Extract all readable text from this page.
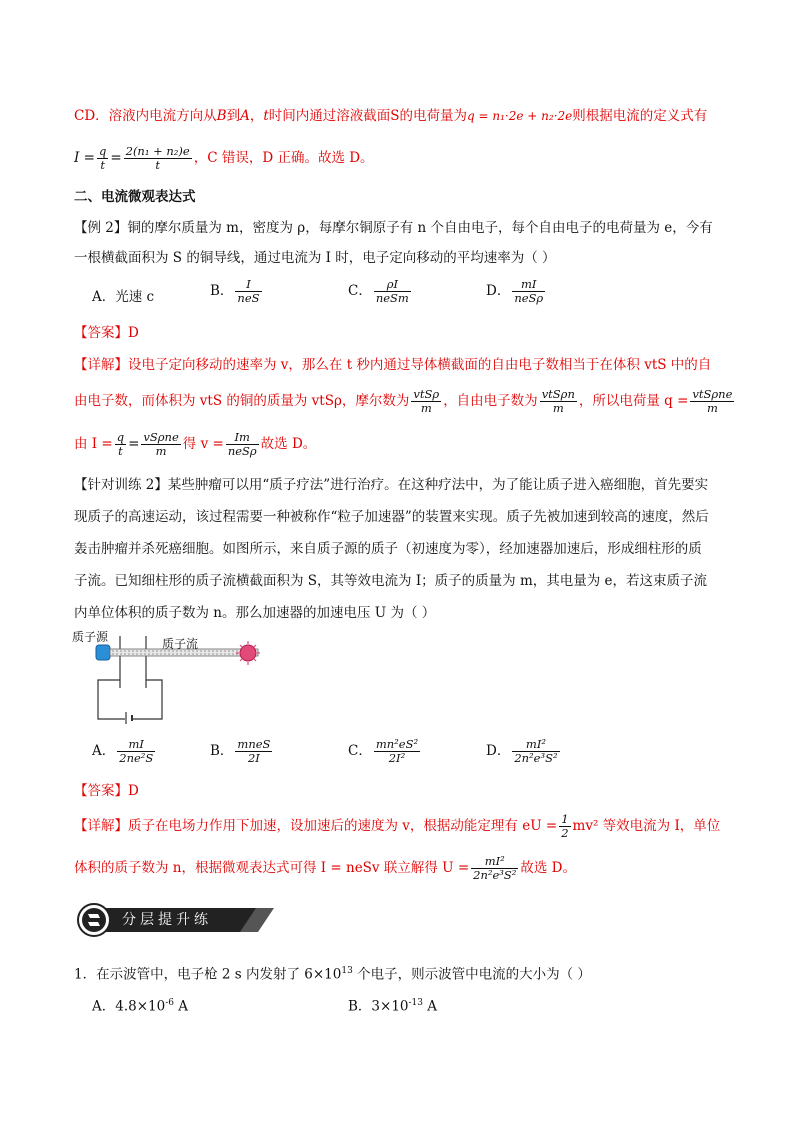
CD．溶液内电流方向从B到A，t时间内通过溶液截面S的电荷量为q = n₁·2e + n₂·2e则根据电流的定义式有
$I = \frac{q}{t} = \frac{\text{2(n₁ + n₂)e}}{t}$ ，C 错误，D 正确。故选 D。
二、电流微观表达式
【例 2】铜的摩尔质量为 m，密度为 ρ，每摩尔铜原子有 n 个自由电子，每个自由电子的电荷量为 e，今有
一根横截面积为 S 的铜导线，通过电流为 I 时，电子定向移动的平均速率为（ ）
A．光速 c	B． $\frac{I}{\text{neS}}$	C． $\frac{\rho I}{\text{neSm}}$	D． $\frac{mI}{\text{neSρ}}$
【答案】D
【详解】设电子定向移动的速率为 v，那么在 t 秒内通过导体横截面的自由电子数相当于在体积 vtS 中的自
由电子数，而体积为 vtS 的铜的质量为 vtSρ，摩尔数为 $\frac{\text{vtSρ}}{m}$ ，自由电子数为 $\frac{\text{vtSρn}}{m}$ ，所以电荷量 $q = \frac{\text{vtSρne}}{m}$
由 $I = \frac{q}{t} = \frac{\text{vSρne}}{m}$ 得 $v = \frac{Im}{\text{neSρ}}$ 故选 D。
【针对训练 2】某些肿瘤可以用“质子疗法”进行治疗。在这种疗法中，为了能让质子进入癌细胞，首先要实
现质子的高速运动，该过程需要一种被称作“粒子加速器”的装置来实现。质子先被加速到较高的速度，然后
轰击肿瘤并杀死癌细胞。如图所示，来自质子源的质子（初速度为零），经加速器加速后，形成细柱形的质
子流。已知细柱形的质子流横截面积为 S，其等效电流为 I；质子的质量为 m，其电量为 e，若这束质子流
内单位体积的质子数为 n。那么加速器的加速电压 U 为（ ）
质子源	质子流
A． $\frac{mI}{\text{2ne²S}}$	B． $\frac{\text{mneS}}{2I}$	C． $\frac{\text{mn²eS²}}{\text{2I²}}$	D． $\frac{\text{mI²}}{\text{2n²e³S²}}$
【答案】D
【详解】质子在电场力作用下加速，设加速后的速度为 v，根据动能定理有 eU = $\frac{1}{2} mv^2$ 等效电流为 I，单位
体积的质子数为 n，根据微观表达式可得 I = neSv 联立解得 $U = \frac{\text{mI²}}{\text{2n²e³S²}}$ 故选 D。
分层提升练
1．在示波管中，电子枪 2 s 内发射了 $6\times 10^{13}$ 个电子，则示波管中电流的大小为（ ）
A．$4.8\times 10^{-6}$ A	B．$3\times 10^{-13}$ A
